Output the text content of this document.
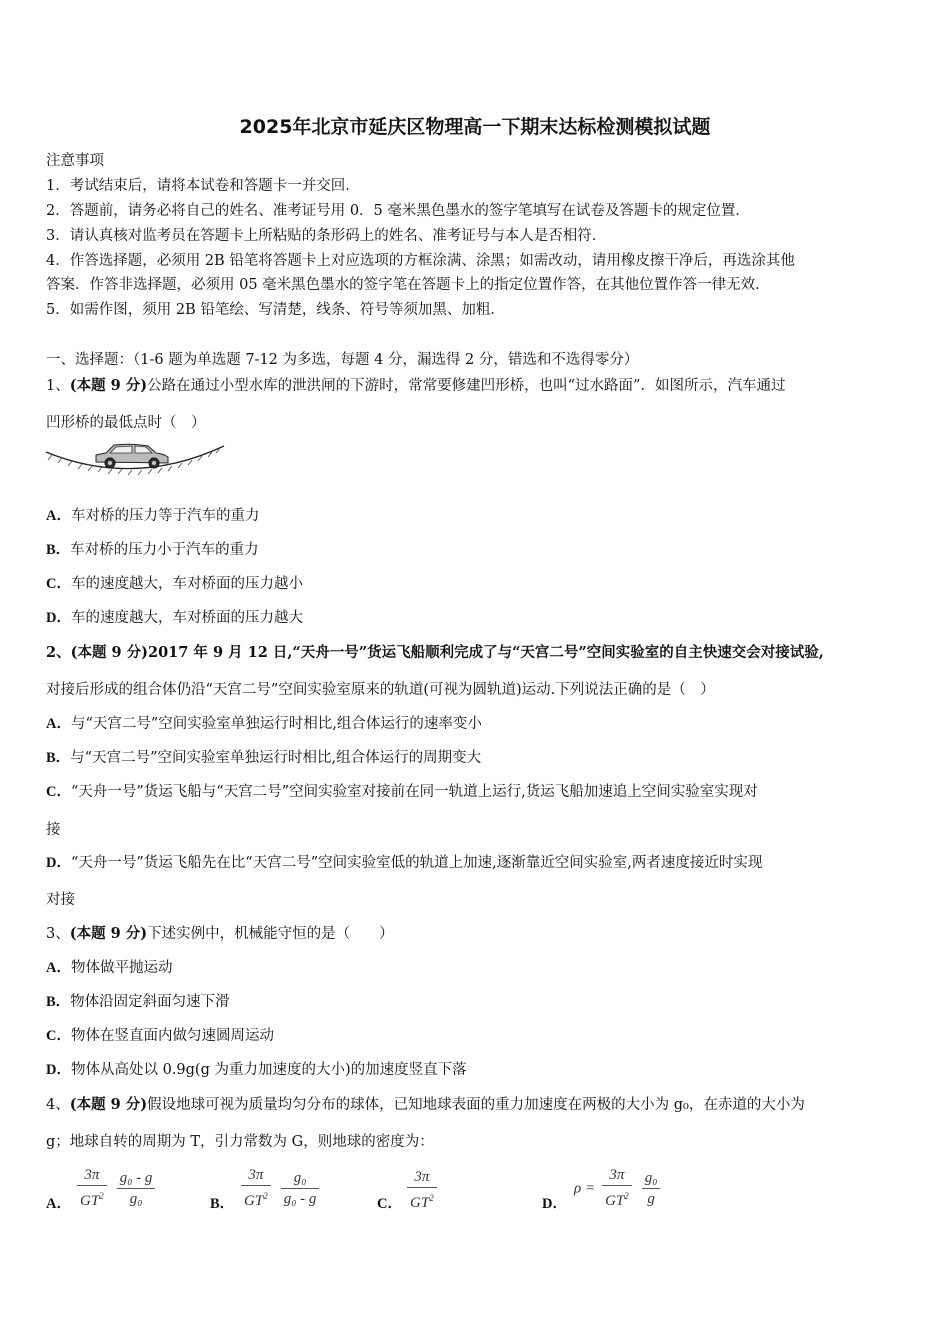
2025年北京市延庆区物理高一下期末达标检测模拟试题
注意事项
1．考试结束后，请将本试卷和答题卡一并交回．
2．答题前，请务必将自己的姓名、准考证号用 0．5 毫米黑色墨水的签字笔填写在试卷及答题卡的规定位置．
3．请认真核对监考员在答题卡上所粘贴的条形码上的姓名、准考证号与本人是否相符．
4．作答选择题，必须用 2B 铅笔将答题卡上对应选项的方框涂满、涂黑；如需改动，请用橡皮擦干净后，再选涂其他
答案．作答非选择题，必须用 05 毫米黑色墨水的签字笔在答题卡上的指定位置作答，在其他位置作答一律无效．
5．如需作图，须用 2B 铅笔绘、写清楚，线条、符号等须加黑、加粗．
一、选择题：（1-6 题为单选题 7-12 为多选，每题 4 分，漏选得 2 分，错选和不选得零分）
1、(本题 9 分)公路在通过小型水库的泄洪闸的下游时，常常要修建凹形桥，也叫“过水路面”．如图所示，汽车通过
凹形桥的最低点时（　）
A．车对桥的压力等于汽车的重力
B．车对桥的压力小于汽车的重力
C．车的速度越大，车对桥面的压力越小
D．车的速度越大，车对桥面的压力越大
2、(本题 9 分)2017 年 9 月 12 日,“天舟一号”货运飞船顺利完成了与“天宫二号”空间实验室的自主快速交会对接试验,
对接后形成的组合体仍沿“天宫二号”空间实验室原来的轨道(可视为圆轨道)运动.下列说法正确的是（　）
A．与“天宫二号”空间实验室单独运行时相比,组合体运行的速率变小
B．与“天宫二号”空间实验室单独运行时相比,组合体运行的周期变大
C．“天舟一号”货运飞船与“天宫二号”空间实验室对接前在同一轨道上运行,货运飞船加速追上空间实验室实现对
接
D．“天舟一号”货运飞船先在比“天宫二号”空间实验室低的轨道上加速,逐渐靠近空间实验室,两者速度接近时实现
对接
3、(本题 9 分)下述实例中，机械能守恒的是（　　）
A．物体做平抛运动
B．物体沿固定斜面匀速下滑
C．物体在竖直面内做匀速圆周运动
D．物体从高处以 0.9g(g 为重力加速度的大小)的加速度竖直下落
4、(本题 9 分)假设地球可视为质量均匀分布的球体，已知地球表面的重力加速度在两极的大小为 g₀，在赤道的大小为
g；地球自转的周期为 T，引力常数为 G，则地球的密度为：
A． $\frac{3\pi}{GT^2}$
$\frac{\text{g₀ - g}}{\text{g₀}}$	B． $\frac{3\pi}{GT^2}$
$\frac{\text{g₀}}{\text{g₀ - g}}$	C． $\frac{3\pi}{GT^2}$	D．
$\rho = \frac{3\pi}{GT^2}$
$\frac{\text{g₀}}{g}$
